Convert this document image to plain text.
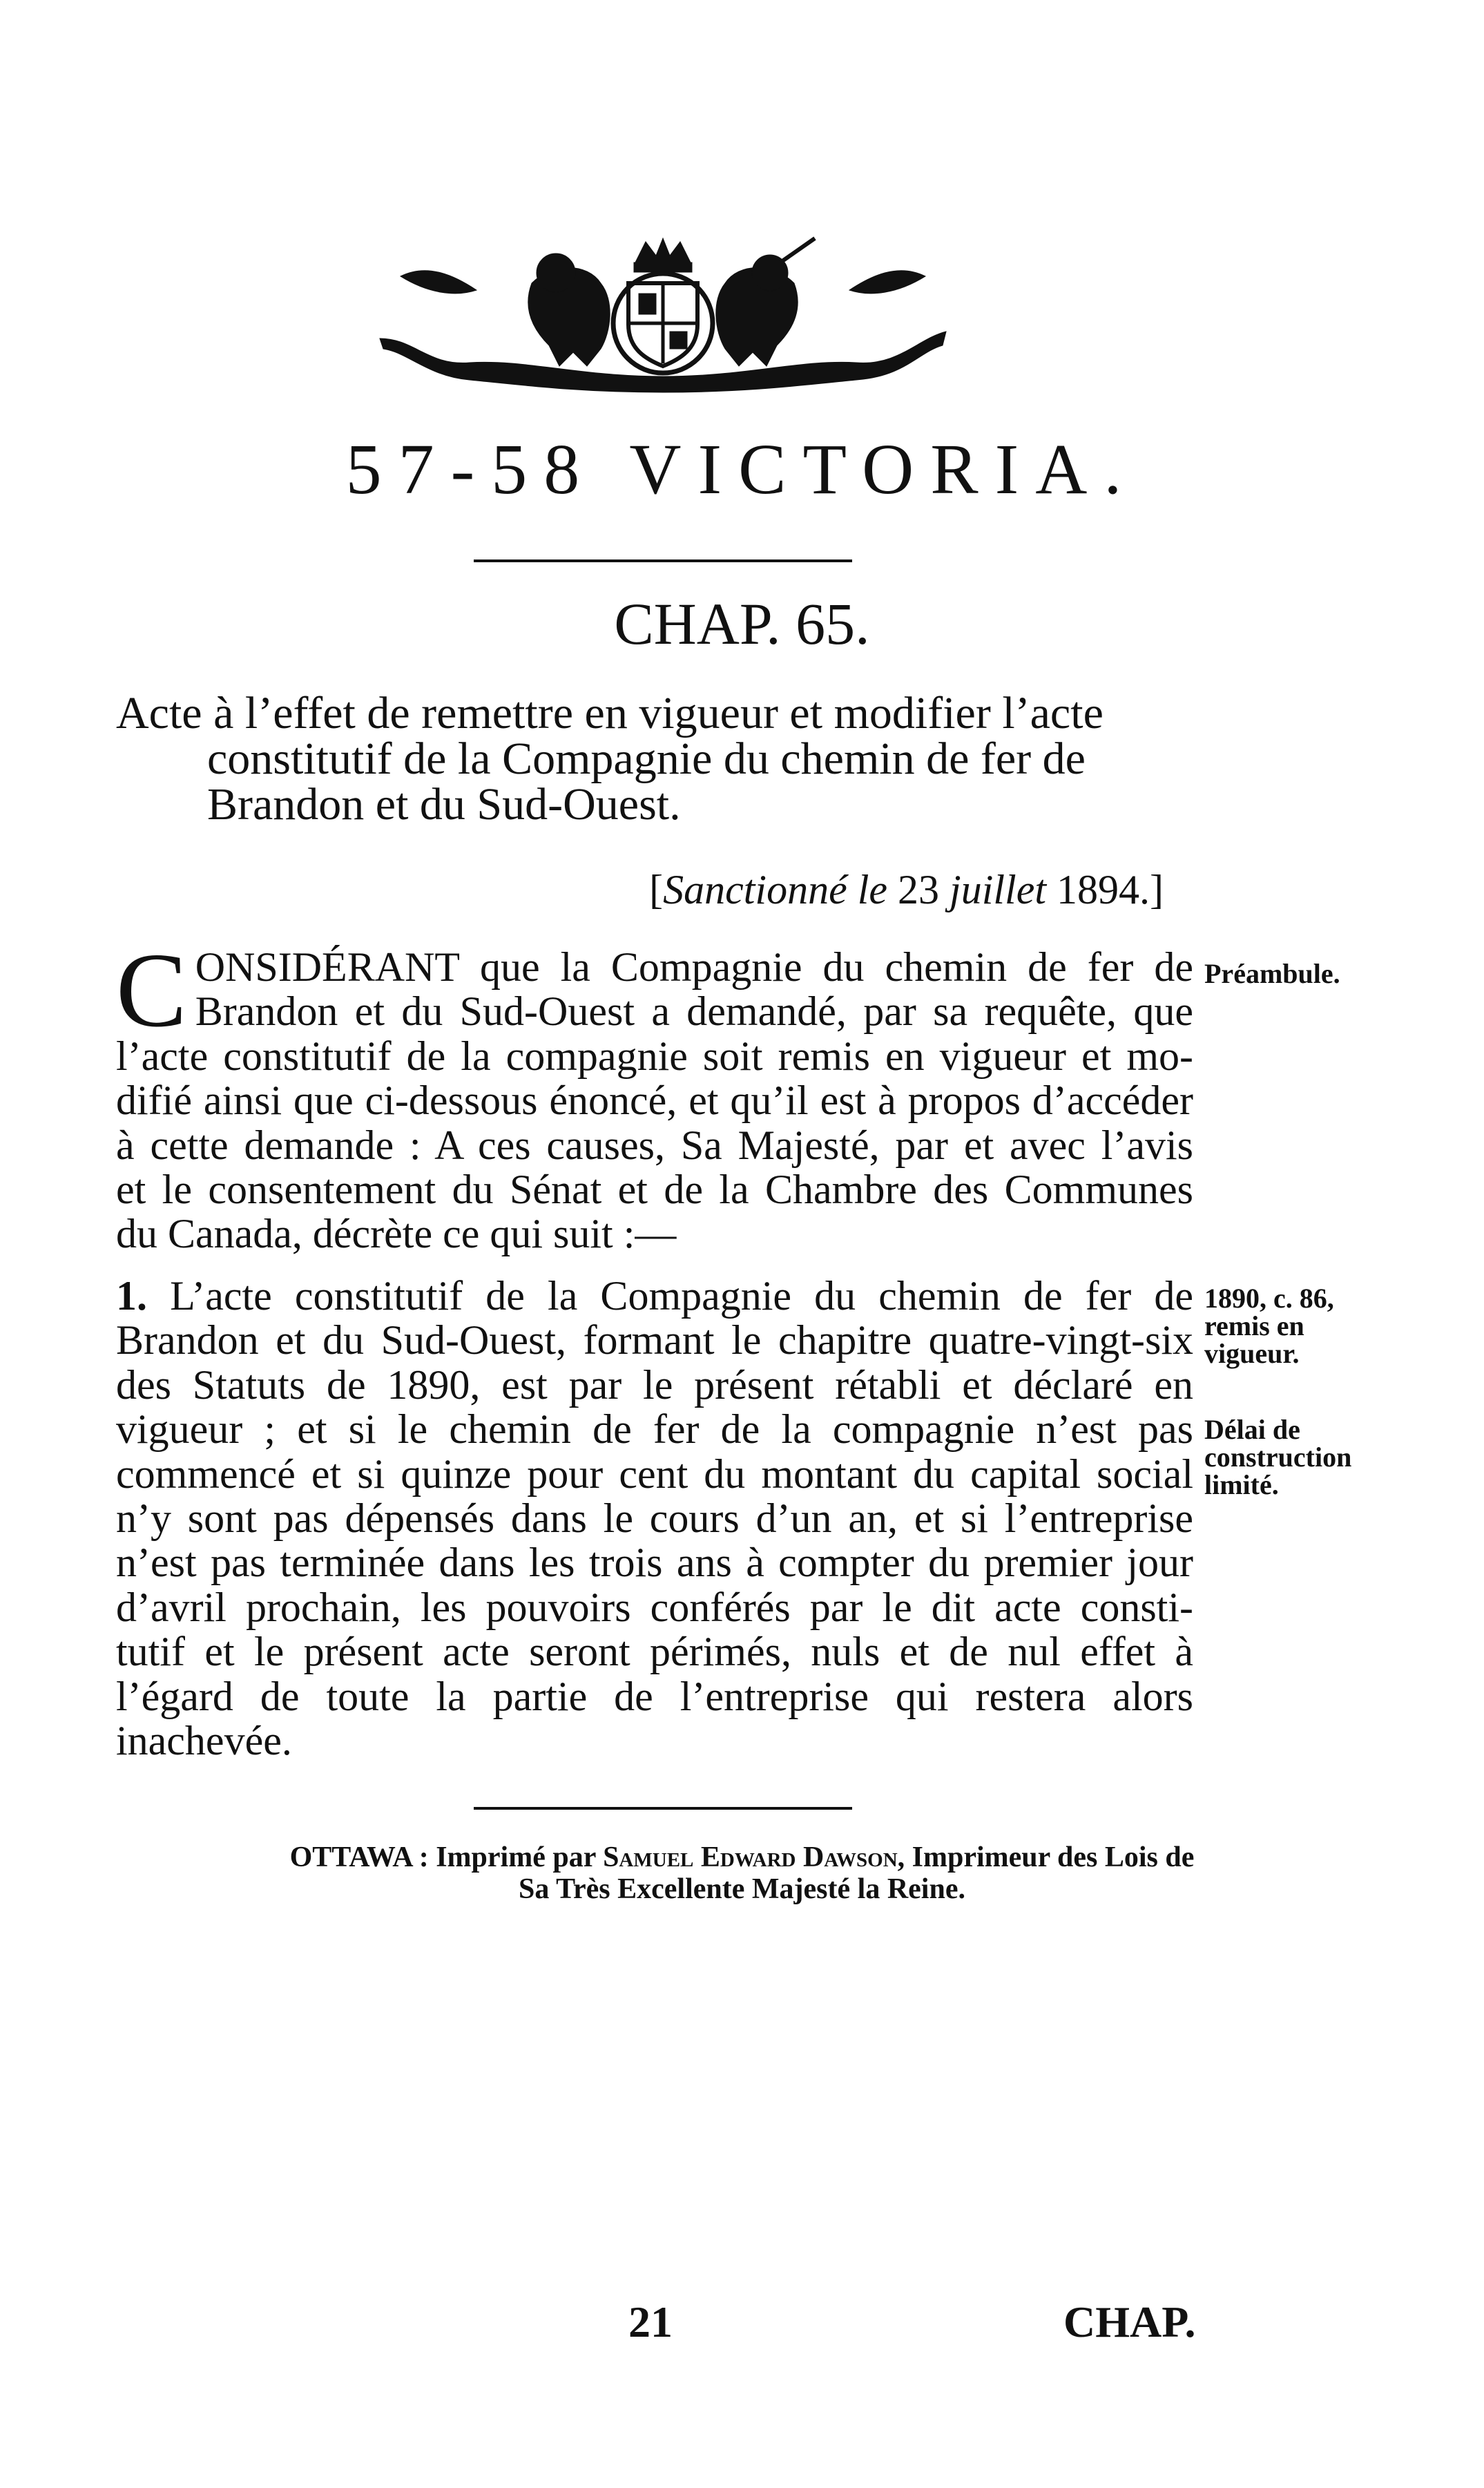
57-58 VICTORIA.
CHAP. 65.
Acte à l’effet de remettre en vigueur et modifier l’acte
constitutif de la Compagnie du chemin de fer de
Brandon et du Sud-Ouest.
[Sanctionné le 23 juillet 1894.]
C ONSIDÉRANT que la Compagnie du chemin de fer de
Brandon et du Sud-Ouest a demandé, par sa requête, que
l’acte constitutif de la compagnie soit remis en vigueur et mo-
difié ainsi que ci-dessous énoncé, et qu’il est à propos d’accéder
à cette demande : A ces causes, Sa Majesté, par et avec l’avis
et le consentement du Sénat et de la Chambre des Communes
du Canada, décrète ce qui suit :—
Préambule.
1. L’acte constitutif de la Compagnie du chemin de fer de
Brandon et du Sud-Ouest, formant le chapitre quatre-vingt-six
des Statuts de 1890, est par le présent rétabli et déclaré en
vigueur ; et si le chemin de fer de la compagnie n’est pas
commencé et si quinze pour cent du montant du capital social
n’y sont pas dépensés dans le cours d’un an, et si l’entreprise
n’est pas terminée dans les trois ans à compter du premier jour
d’avril prochain, les pouvoirs conférés par le dit acte consti-
tutif et le présent acte seront périmés, nuls et de nul effet à
l’égard de toute la partie de l’entreprise qui restera alors
inachevée.
1890, c. 86,
remis en
vigueur.
Délai de
construction
limité.
OTTAWA : Imprimé par Samuel Edward Dawson, Imprimeur des Lois de
Sa Très Excellente Majesté la Reine.
21	CHAP.
